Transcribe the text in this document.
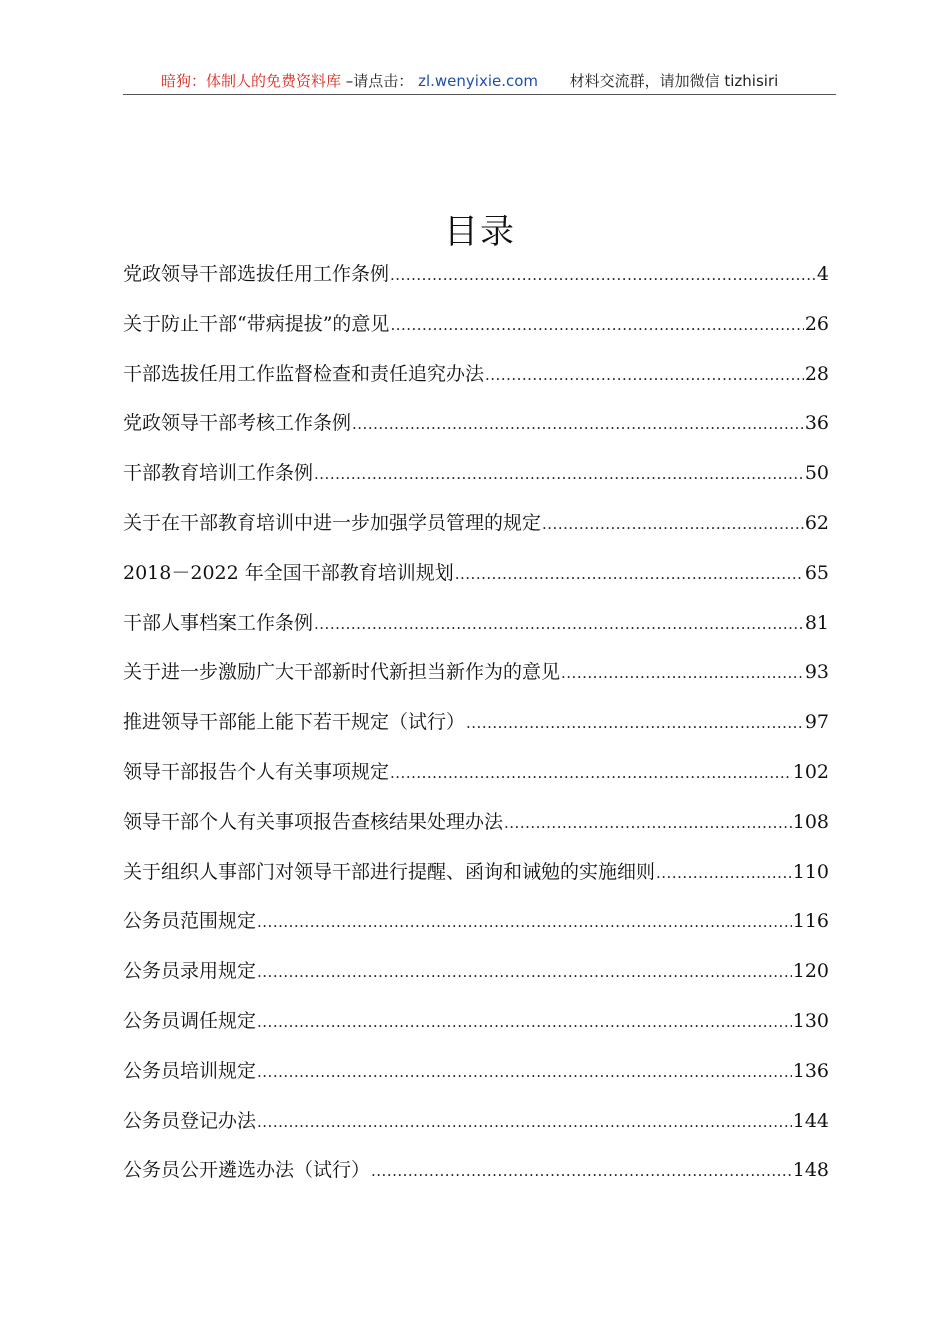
暗狗：体制人的免费资料库 –请点击： zl.wenyixie.com 材料交流群，请加微信 tizhisiri
目录
党政领导干部选拔任用工作条例 .....	4
关于防止干部“带病提拔”的意见 .....	26
干部选拔任用工作监督检查和责任追究办法 .....	28
党政领导干部考核工作条例 .....	36
干部教育培训工作条例 .....	50
关于在干部教育培训中进一步加强学员管理的规定 .....	62
2018－2022 年全国干部教育培训规划 .....	65
干部人事档案工作条例 .....	81
关于进一步激励广大干部新时代新担当新作为的意见 .....	93
推进领导干部能上能下若干规定（试行） .....	97
领导干部报告个人有关事项规定 .....	102
领导干部个人有关事项报告查核结果处理办法 .....	108
关于组织人事部门对领导干部进行提醒、函询和诫勉的实施细则 .....	110
公务员范围规定 .....	116
公务员录用规定 .....	120
公务员调任规定 .....	130
公务员培训规定 .....	136
公务员登记办法 .....	144
公务员公开遴选办法（试行） .....	148
